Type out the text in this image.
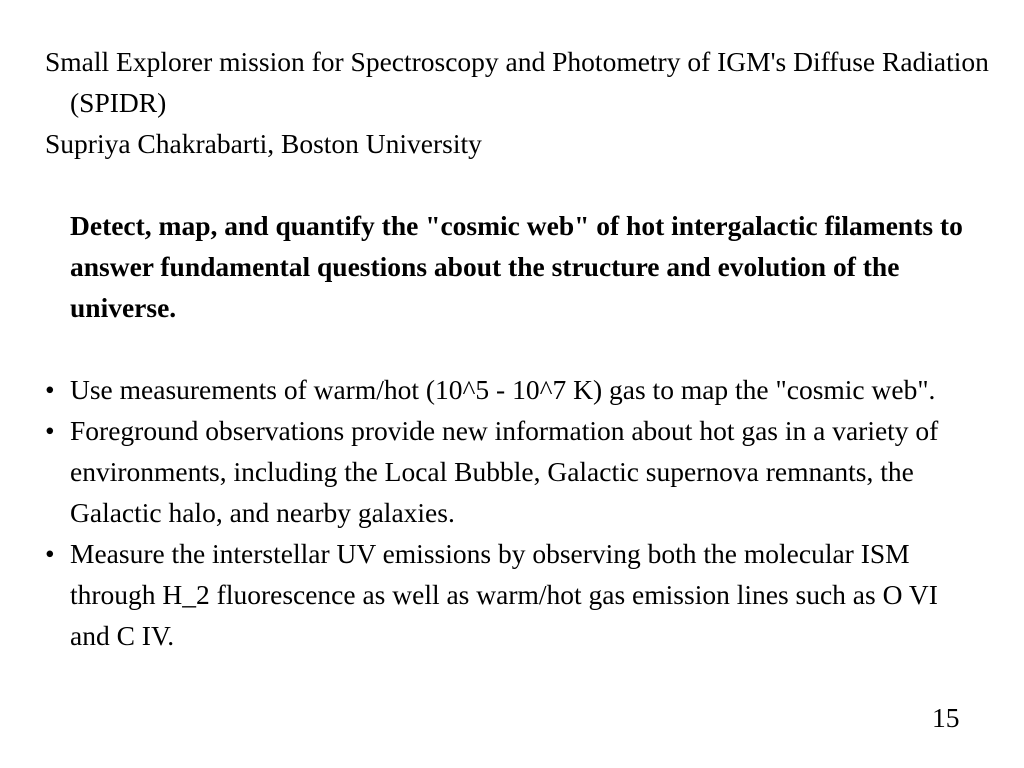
Small Explorer mission for Spectroscopy and Photometry of IGM's Diffuse Radiation (SPIDR)

Supriya Chakrabarti, Boston University

Detect, map, and quantify the "cosmic web" of hot intergalactic filaments to answer fundamental questions about the structure and evolution of the universe.

• Use measurements of warm/hot (10^5 - 10^7 K) gas to map the "cosmic web".
• Foreground observations provide new information about hot gas in a variety of environments, including the Local Bubble, Galactic supernova remnants, the Galactic halo, and nearby galaxies.
• Measure the interstellar UV emissions by observing both the molecular ISM through H_2 fluorescence as well as warm/hot gas emission lines such as O VI and C IV.
15
